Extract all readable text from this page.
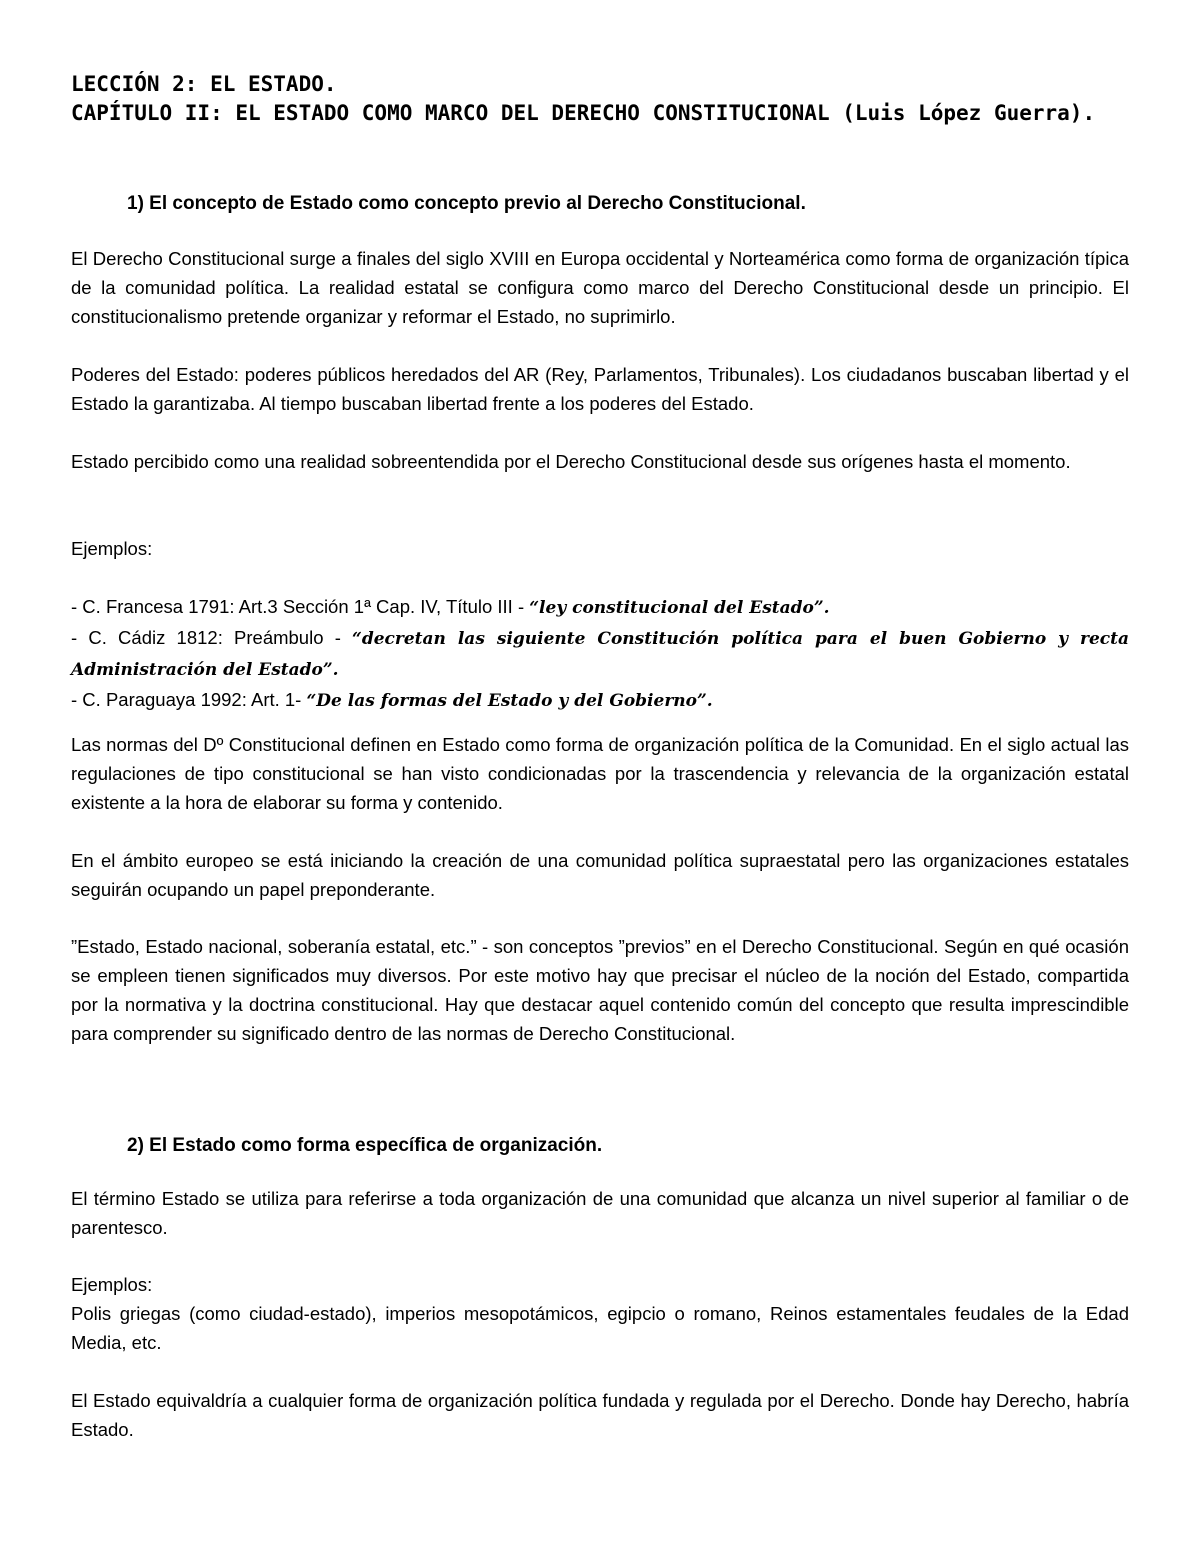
LECCIÓN 2: EL ESTADO.

CAPÍTULO II: EL ESTADO COMO MARCO DEL DERECHO CONSTITUCIONAL (Luis López Guerra).

1) El concepto de Estado como concepto previo al Derecho Constitucional.

El Derecho Constitucional surge a finales del siglo XVIII en Europa occidental y Norteamérica como forma de organización típica de la comunidad política. La realidad estatal se configura como marco del Derecho Constitucional desde un principio. El constitucionalismo pretende organizar y reformar el Estado, no suprimirlo.

Poderes del Estado: poderes públicos heredados del AR (Rey, Parlamentos, Tribunales). Los ciudadanos buscaban libertad y el Estado la garantizaba. Al tiempo buscaban libertad frente a los poderes del Estado.

Estado percibido como una realidad sobreentendida por el Derecho Constitucional desde sus orígenes hasta el momento.

Ejemplos:

- C. Francesa 1791: Art.3 Sección 1ª Cap. IV, Título III - “ley constitucional del Estado”.

- C. Cádiz 1812: Preámbulo - “decretan las siguiente Constitución política para el buen Gobierno y recta Administración del Estado”.

- C. Paraguaya 1992: Art. 1- “De las formas del Estado y del Gobierno”.

Las normas del Dº Constitucional definen en Estado como forma de organización política de la Comunidad. En el siglo actual las regulaciones de tipo constitucional se han visto condicionadas por la trascendencia y relevancia de la organización estatal existente a la hora de elaborar su forma y contenido.

En el ámbito europeo se está iniciando la creación de una comunidad política supraestatal pero las organizaciones estatales seguirán ocupando un papel preponderante.

”Estado, Estado nacional, soberanía estatal, etc.” - son conceptos ”previos” en el Derecho Constitucional. Según en qué ocasión se empleen tienen significados muy diversos. Por este motivo hay que precisar el núcleo de la noción del Estado, compartida por la normativa y la doctrina constitucional. Hay que destacar aquel contenido común del concepto que resulta imprescindible para comprender su significado dentro de las normas de Derecho Constitucional.

2) El Estado como forma específica de organización.

El término Estado se utiliza para referirse a toda organización de una comunidad que alcanza un nivel superior al familiar o de parentesco.

Ejemplos:

Polis griegas (como ciudad-estado), imperios mesopotámicos, egipcio o romano, Reinos estamentales feudales de la Edad Media, etc.

El Estado equivaldría a cualquier forma de organización política fundada y regulada por el Derecho. Donde hay Derecho, habría Estado.
